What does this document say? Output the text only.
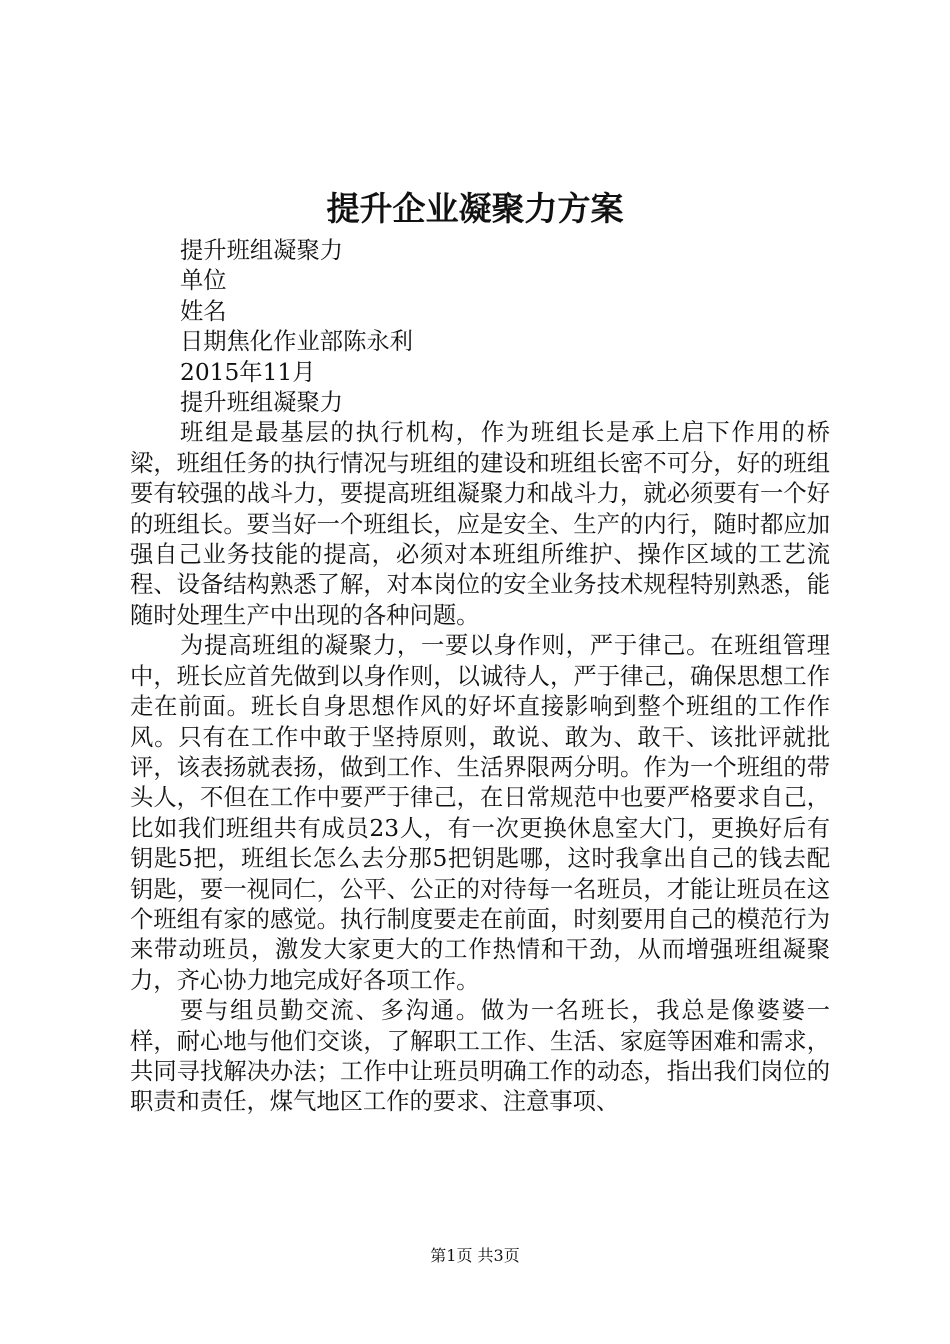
提升企业凝聚力方案
提升班组凝聚力
单位
姓名
日期焦化作业部陈永利
2015年11月
提升班组凝聚力

班组是最基层的执行机构，作为班组长是承上启下作用的桥梁，班组任务的执行情况与班组的建设和班组长密不可分，好的班组要有较强的战斗力，要提高班组凝聚力和战斗力，就必须要有一个好的班组长。要当好一个班组长，应是安全、生产的内行，随时都应加强自己业务技能的提高，必须对本班组所维护、操作区域的工艺流程、设备结构熟悉了解，对本岗位的安全业务技术规程特别熟悉，能随时处理生产中出现的各种问题。

为提高班组的凝聚力，一要以身作则，严于律己。在班组管理中，班长应首先做到以身作则，以诚待人，严于律己，确保思想工作走在前面。班长自身思想作风的好坏直接影响到整个班组的工作作风。只有在工作中敢于坚持原则，敢说、敢为、敢干、该批评就批评，该表扬就表扬，做到工作、生活界限两分明。作为一个班组的带头人，不但在工作中要严于律己，在日常规范中也要严格要求自己，比如我们班组共有成员23人，有一次更换休息室大门，更换好后有钥匙5把，班组长怎么去分那5把钥匙哪，这时我拿出自己的钱去配钥匙，要一视同仁，公平、公正的对待每一名班员，才能让班员在这个班组有家的感觉。执行制度要走在前面，时刻要用自己的模范行为来带动班员，激发大家更大的工作热情和干劲，从而增强班组凝聚力，齐心协力地完成好各项工作。

要与组员勤交流、多沟通。做为一名班长，我总是像婆婆一样，耐心地与他们交谈，了解职工工作、生活、家庭等困难和需求，共同寻找解决办法；工作中让班员明确工作的动态，指出我们岗位的职责和责任，煤气地区工作的要求、注意事项、

第1页 共3页
